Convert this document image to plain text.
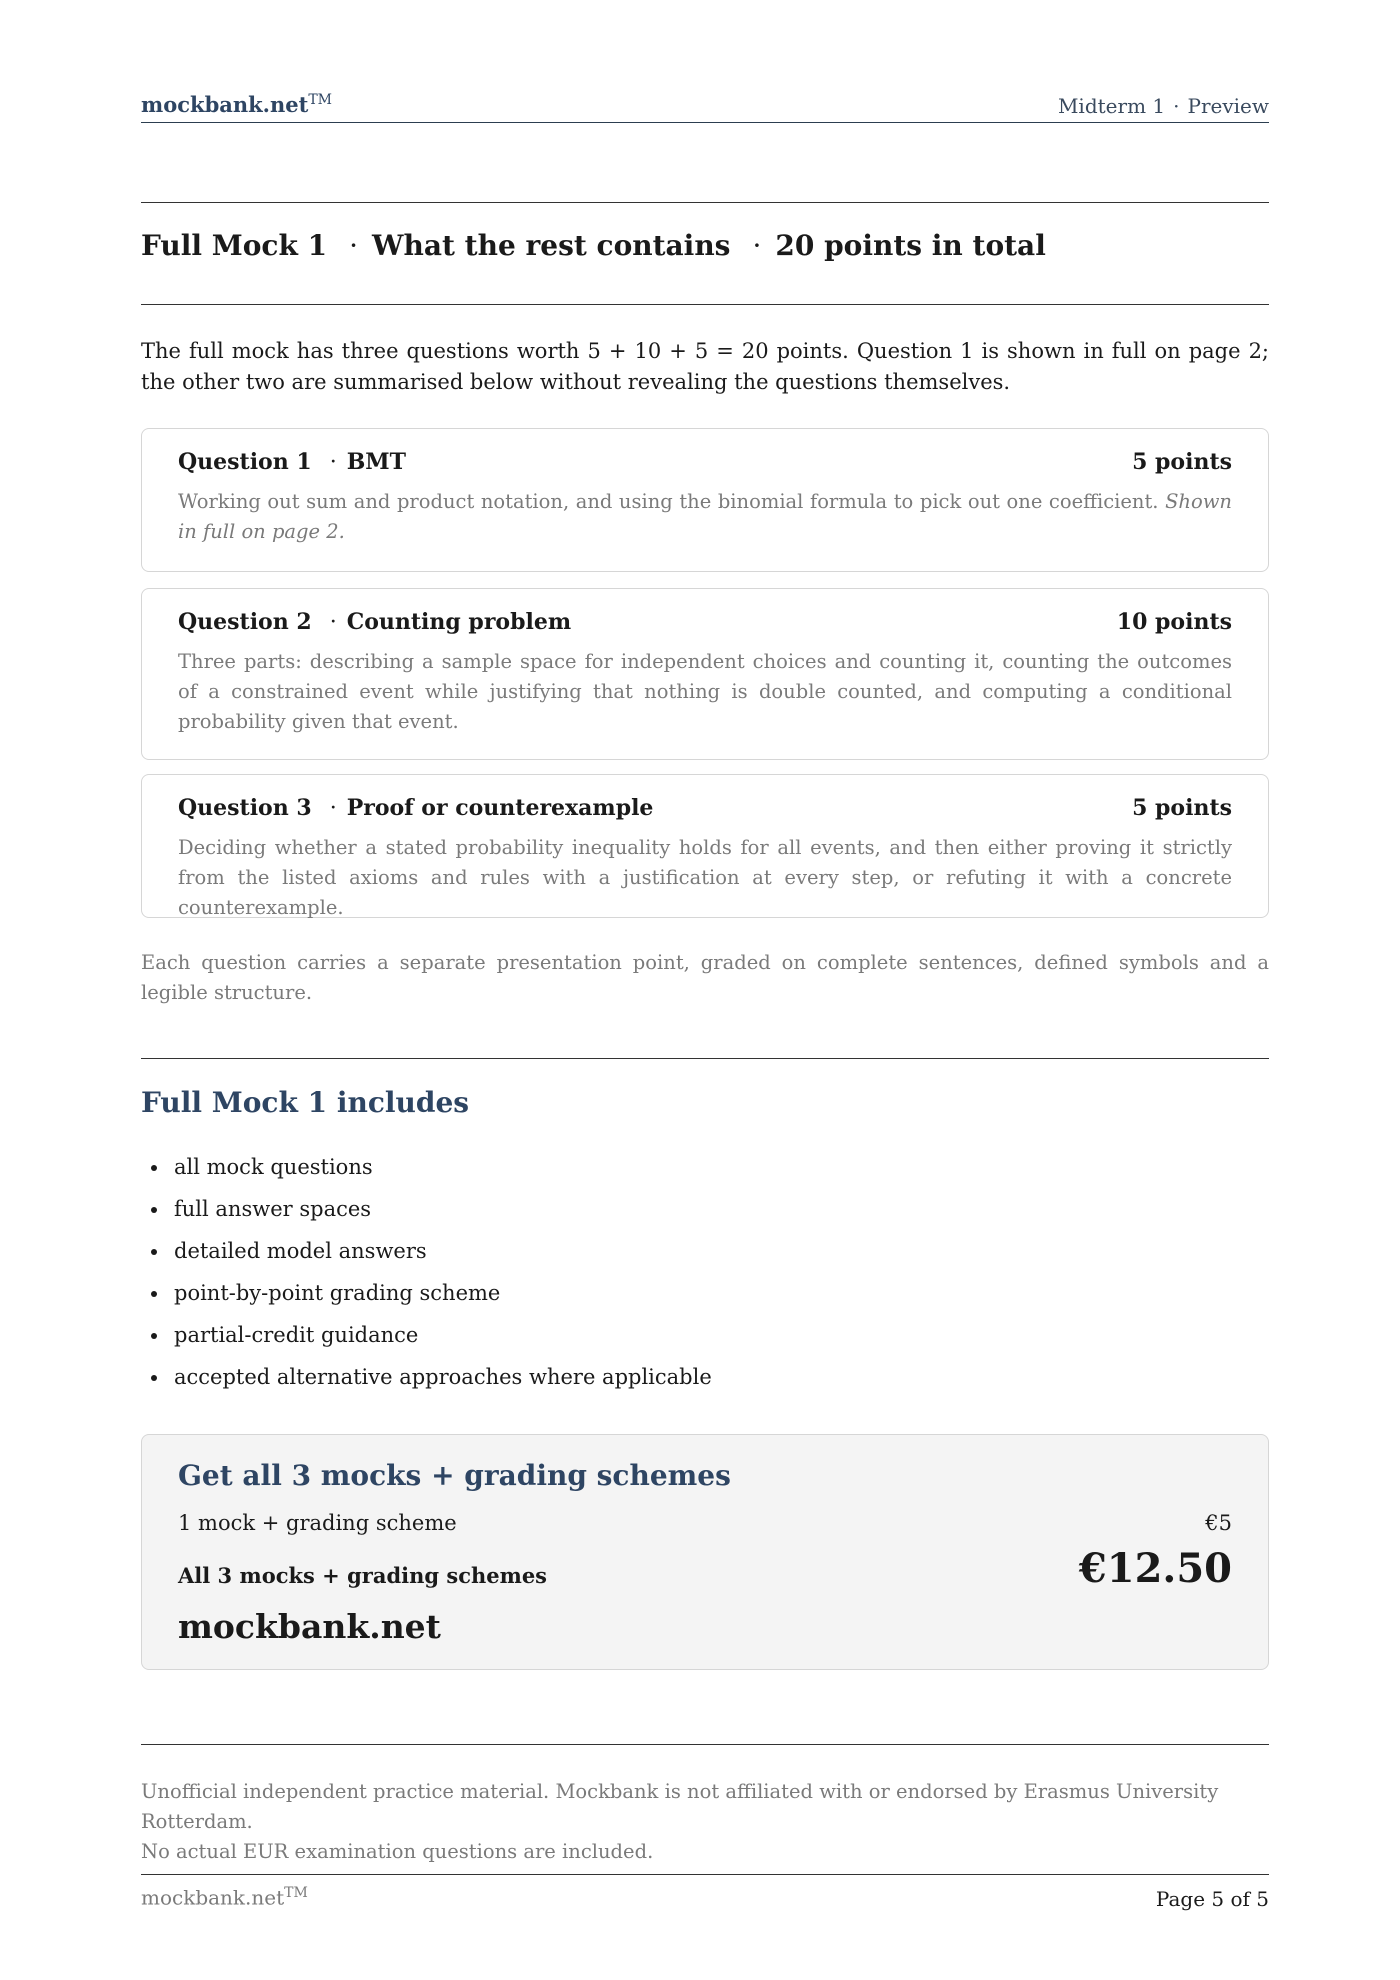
mockbank.net™	Midterm 1 · Preview
Full Mock 1 · What the rest contains · 20 points in total
The full mock has three questions worth 5 + 10 + 5 = 20 points. Question 1 is shown in full on page 2; the other two are summarised below without revealing the questions themselves.
Question 1 · BMT	5 points
Working out sum and product notation, and using the binomial formula to pick out one coefficient. Shown in full on page 2.
Question 2 · Counting problem	10 points
Three parts: describing a sample space for independent choices and counting it, counting the outcomes of a constrained event while justifying that nothing is double counted, and computing a conditional probability given that event.
Question 3 · Proof or counterexample	5 points
Deciding whether a stated probability inequality holds for all events, and then either proving it strictly from the listed axioms and rules with a justification at every step, or refuting it with a concrete counterexample.
Each question carries a separate presentation point, graded on complete sentences, defined symbols and a legible structure.
Full Mock 1 includes
all mock questions
full answer spaces
detailed model answers
point-by-point grading scheme
partial-credit guidance
accepted alternative approaches where applicable
Get all 3 mocks + grading schemes
1 mock + grading scheme	€5
All 3 mocks + grading schemes	€12.50
mockbank.net
Unofficial independent practice material. Mockbank is not affiliated with or endorsed by Erasmus University Rotterdam.
No actual EUR examination questions are included.
mockbank.net™	Page 5 of 5
